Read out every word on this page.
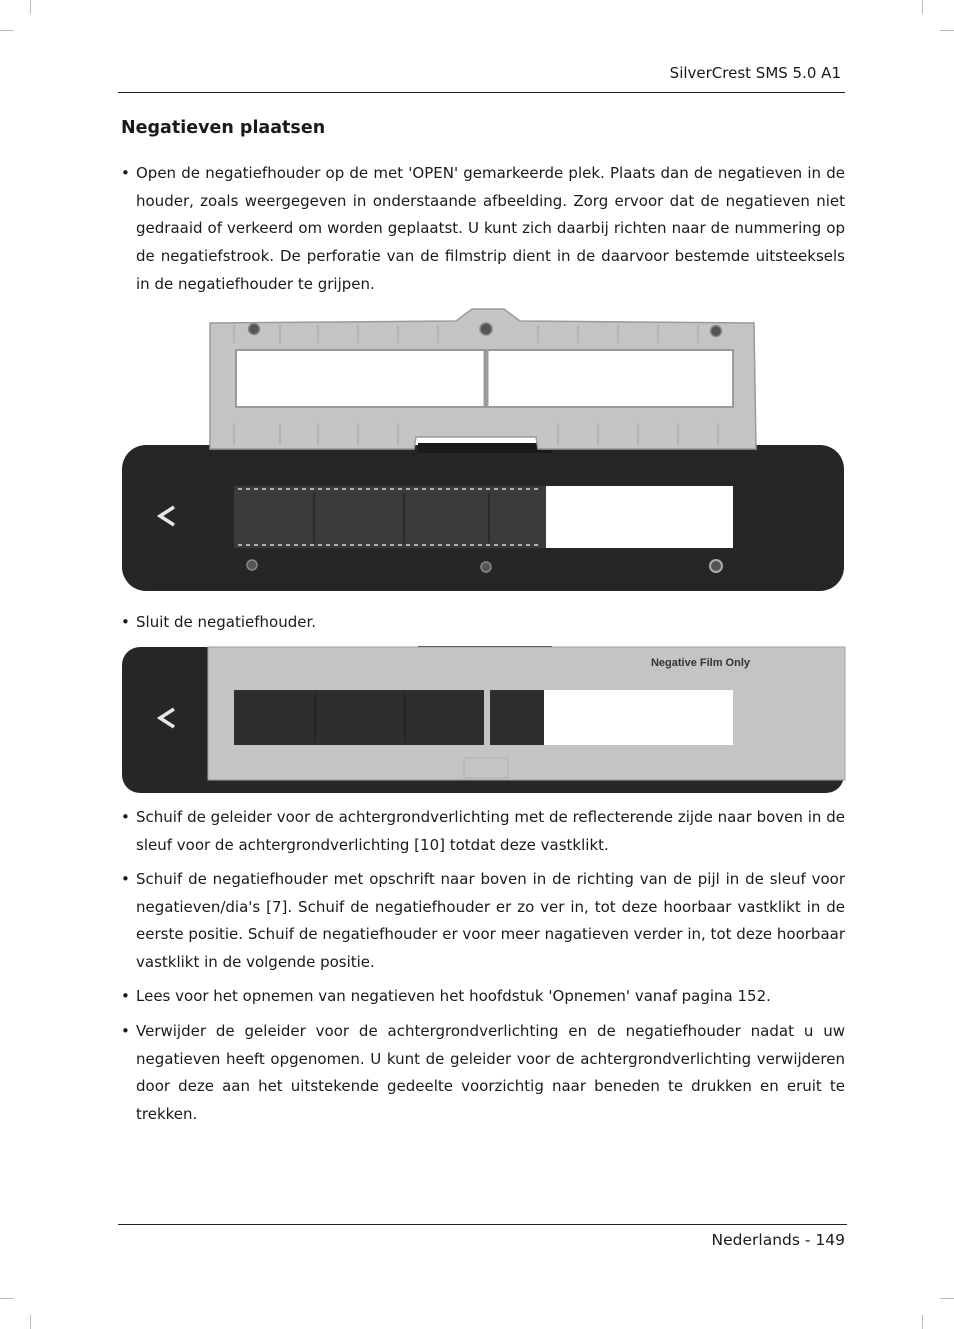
SilverCrest SMS 5.0 A1
Negatieven plaatsen
• Open de negatiefhouder op de met 'OPEN' gemarkeerde plek. Plaats dan de negatieven in de houder, zoals weergegeven in onderstaande afbeelding. Zorg ervoor dat de negatieven niet gedraaid of verkeerd om worden geplaatst. U kunt zich daarbij richten naar de nummering op de negatiefstrook. De perforatie van de filmstrip dient in de daarvoor bestemde uitsteeksels in de negatiefhouder te grijpen.
• Sluit de negatiefhouder.
Negative Film Only
• Schuif de geleider voor de achtergrondverlichting met de reflecterende zijde naar boven in de sleuf voor de achtergrondverlichting [10] totdat deze vastklikt.
• Schuif de negatiefhouder met opschrift naar boven in de richting van de pijl in de sleuf voor negatieven/dia's [7]. Schuif de negatiefhouder er zo ver in, tot deze hoorbaar vastklikt in de eerste positie. Schuif de negatiefhouder er voor meer nagatieven verder in, tot deze hoorbaar vastklikt in de volgende positie.
• Lees voor het opnemen van negatieven het hoofdstuk 'Opnemen' vanaf pagina 152.
• Verwijder de geleider voor de achtergrondverlichting en de negatiefhouder nadat u uw negatieven heeft opgenomen. U kunt de geleider voor de achtergrondverlichting verwijderen door deze aan het uitstekende gedeelte voorzichtig naar beneden te drukken en eruit te trekken.
Nederlands - 149
